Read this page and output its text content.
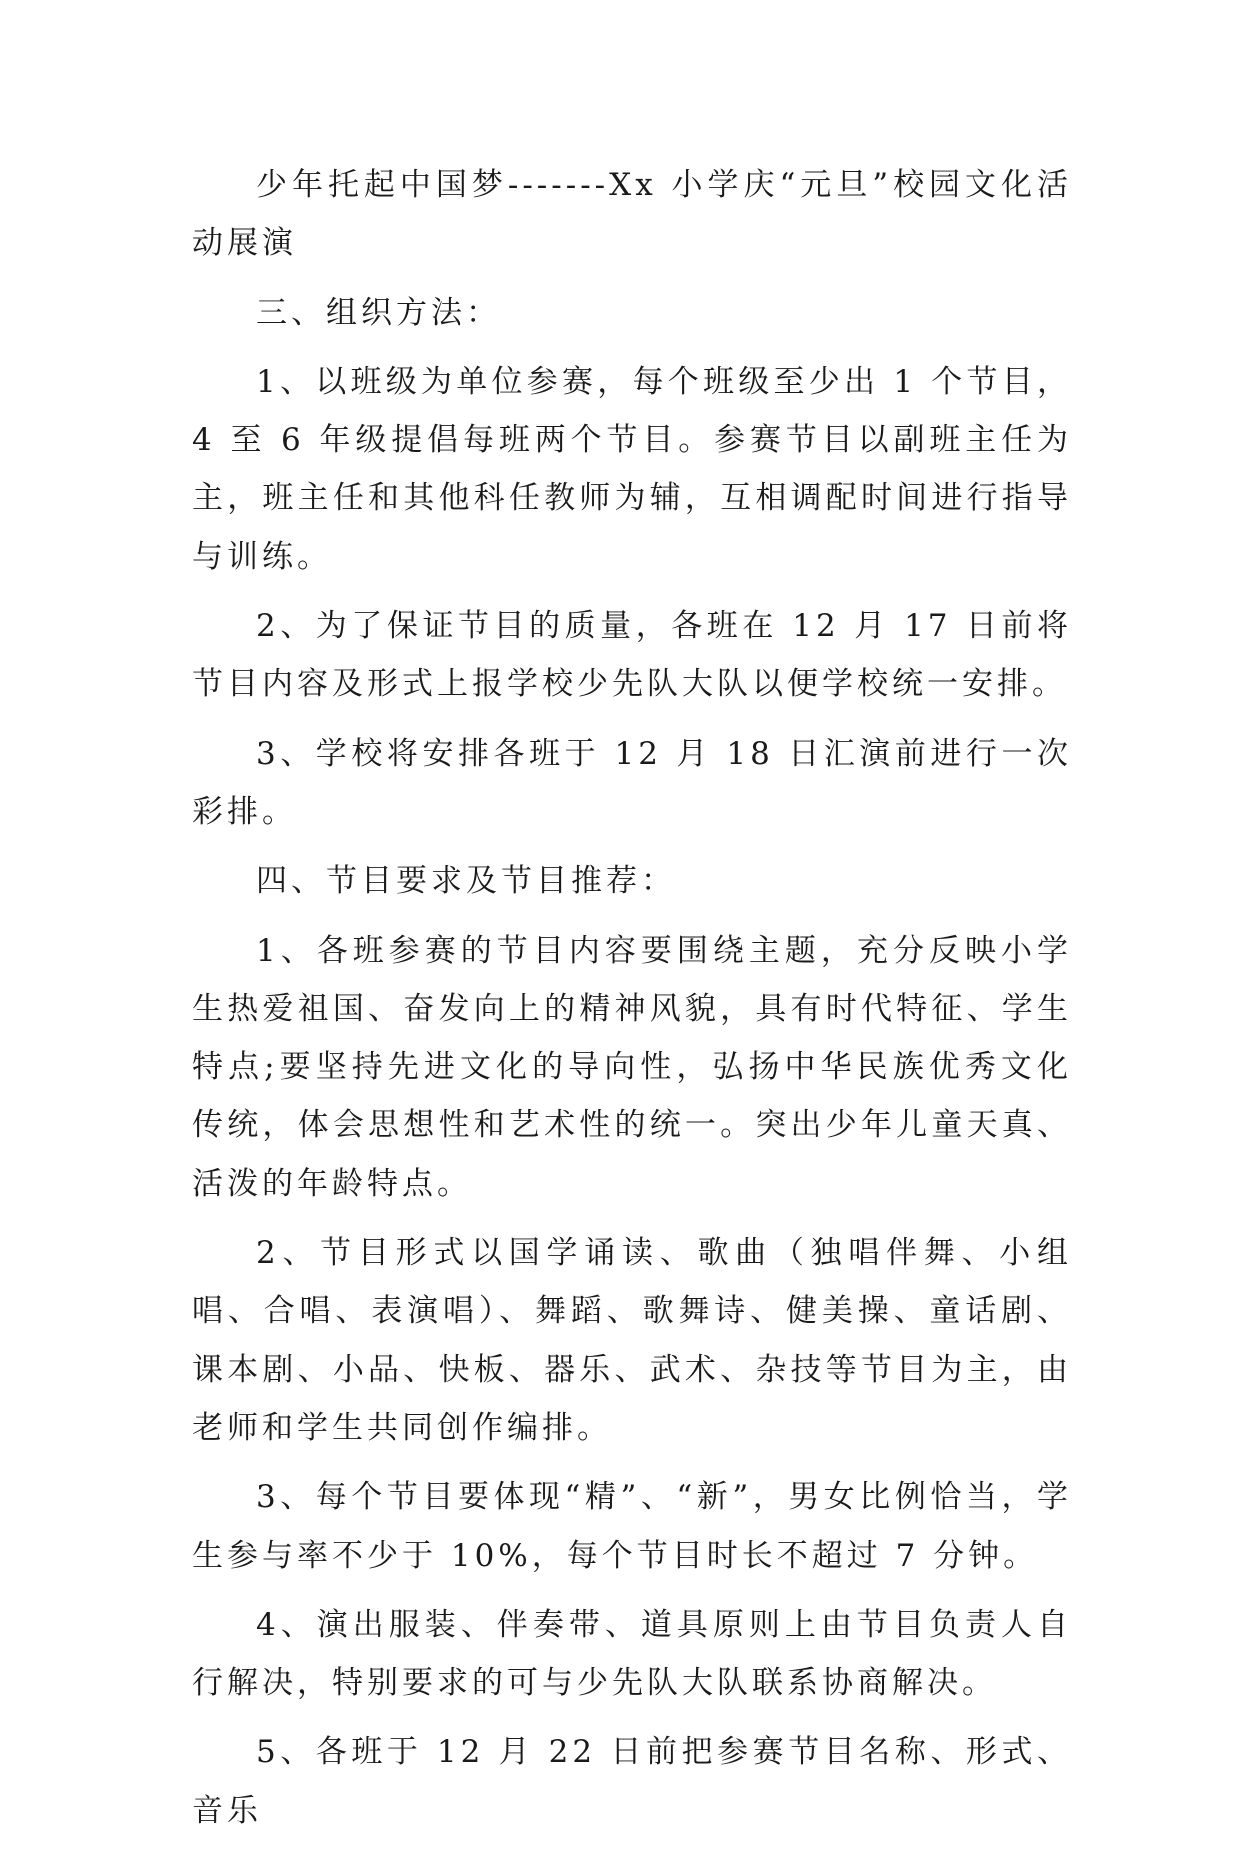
少年托起中国梦-------Xx 小学庆“元旦”校园文化活动展演

三、组织方法：

1、以班级为单位参赛，每个班级至少出 1 个节目，4 至 6 年级提倡每班两个节目。参赛节目以副班主任为主，班主任和其他科任教师为辅，互相调配时间进行指导与训练。

2、为了保证节目的质量，各班在 12 月 17 日前将节目内容及形式上报学校少先队大队以便学校统一安排。

3、学校将安排各班于 12 月 18 日汇演前进行一次彩排。

四、节目要求及节目推荐：

1、各班参赛的节目内容要围绕主题，充分反映小学生热爱祖国、奋发向上的精神风貌，具有时代特征、学生特点;要坚持先进文化的导向性，弘扬中华民族优秀文化传统，体会思想性和艺术性的统一。突出少年儿童天真、活泼的年龄特点。

2、节目形式以国学诵读、歌曲（独唱伴舞、小组唱、合唱、表演唱）、舞蹈、歌舞诗、健美操、童话剧、课本剧、小品、快板、器乐、武术、杂技等节目为主，由老师和学生共同创作编排。

3、每个节目要体现“精”、“新”，男女比例恰当，学生参与率不少于 10%，每个节目时长不超过 7 分钟。

4、演出服装、伴奏带、道具原则上由节目负责人自行解决，特别要求的可与少先队大队联系协商解决。

5、各班于 12 月 22 日前把参赛节目名称、形式、音乐
